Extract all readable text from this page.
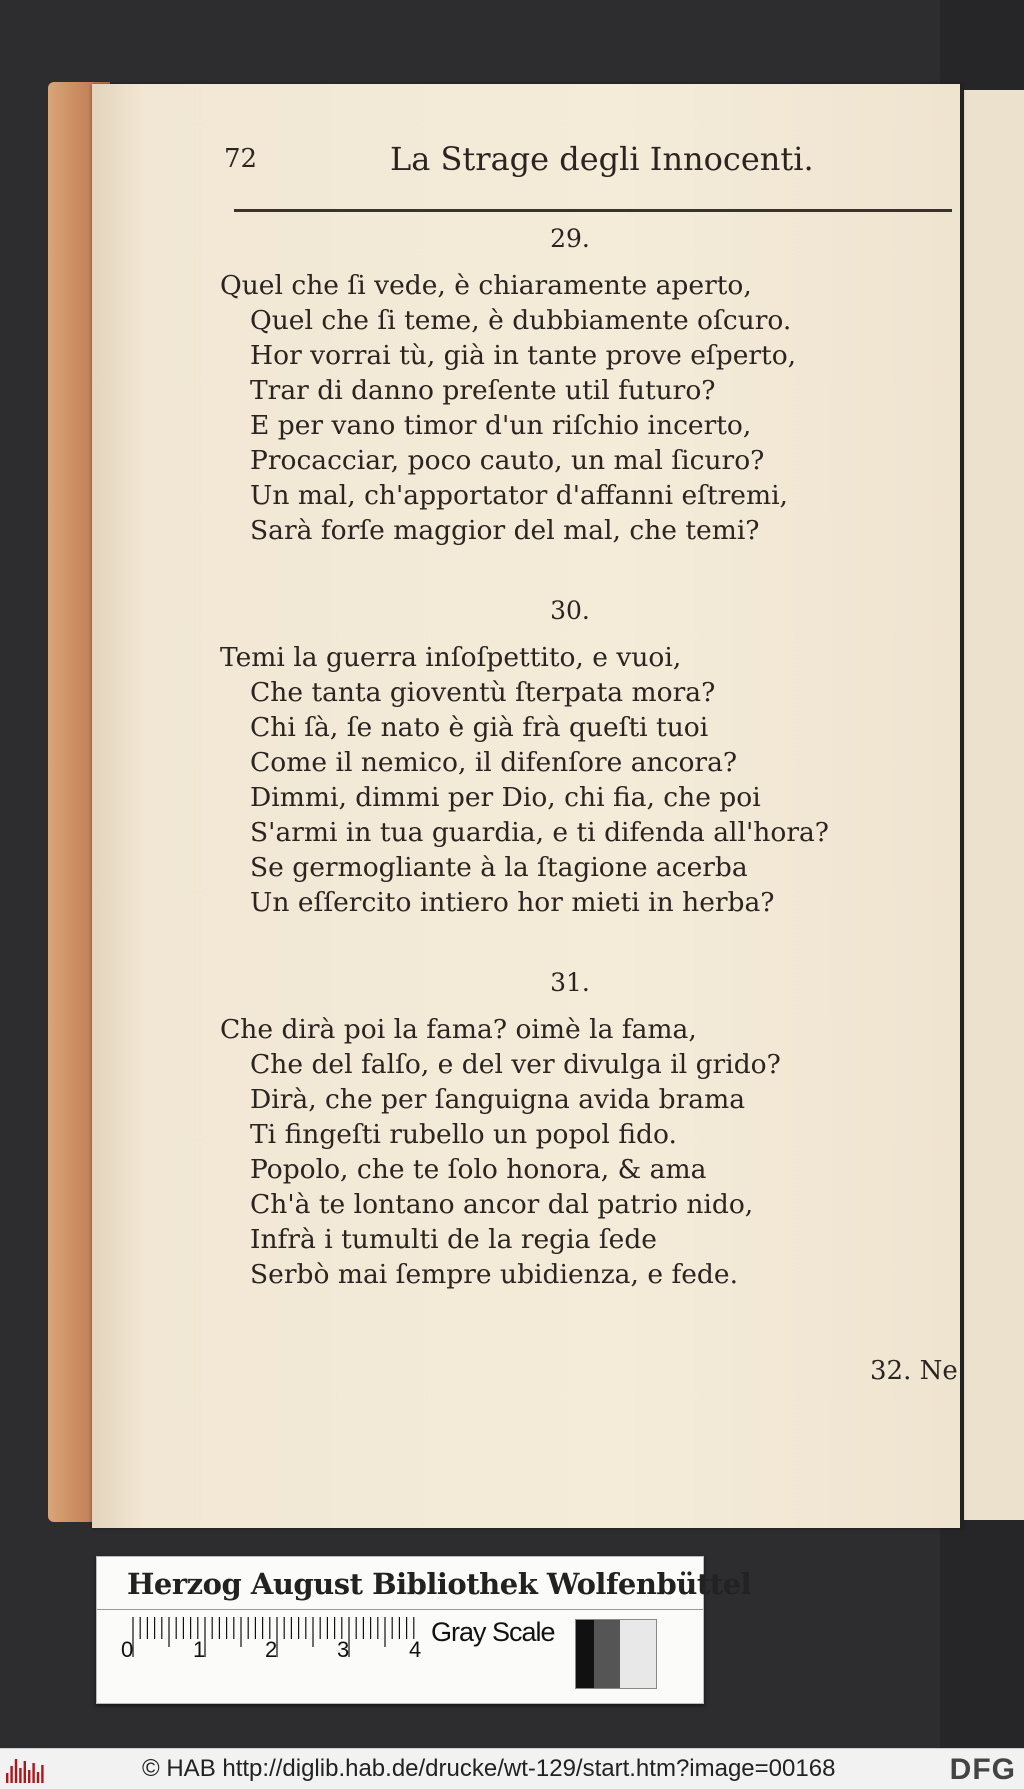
72	La Strage degli Innocenti.
29.
Quel che ſi vede, è chiaramente aperto,
Quel che ſi teme, è dubbiamente oſcuro.
Hor vorrai tù, già in tante prove eſperto,
Trar di danno preſente util futuro?
E per vano timor d'un riſchio incerto,
Procacciar, poco cauto, un mal ſicuro?
Un mal, ch'apportator d'affanni eſtremi,
Sarà forſe maggior del mal, che temi?
30.
Temi la guerra inſoſpettito, e vuoi,
Che tanta gioventù ſterpata mora?
Chi ſà, ſe nato è già frà queſti tuoi
Come il nemico, il difenſore ancora?
Dimmi, dimmi per Dio, chi fia, che poi
S'armi in tua guardia, e ti difenda all'hora?
Se germogliante à la ſtagione acerba
Un eſſercito intiero hor mieti in herba?
31.
Che dirà poi la fama? oimè la fama,
Che del falſo, e del ver divulga il grido?
Dirà, che per ſanguigna avida brama
Ti fingeſti rubello un popol fido.
Popolo, che te ſolo honora, & ama
Ch'à te lontano ancor dal patrio nido,
Infrà i tumulti de la regia ſede
Serbò mai ſempre ubidienza, e fede.
32. Ne
Herzog August Bibliothek Wolfenbüttel
0	1	2	3	4
Gray Scale
© HAB http://diglib.hab.de/drucke/wt-129/start.htm?image=00168	DFG
